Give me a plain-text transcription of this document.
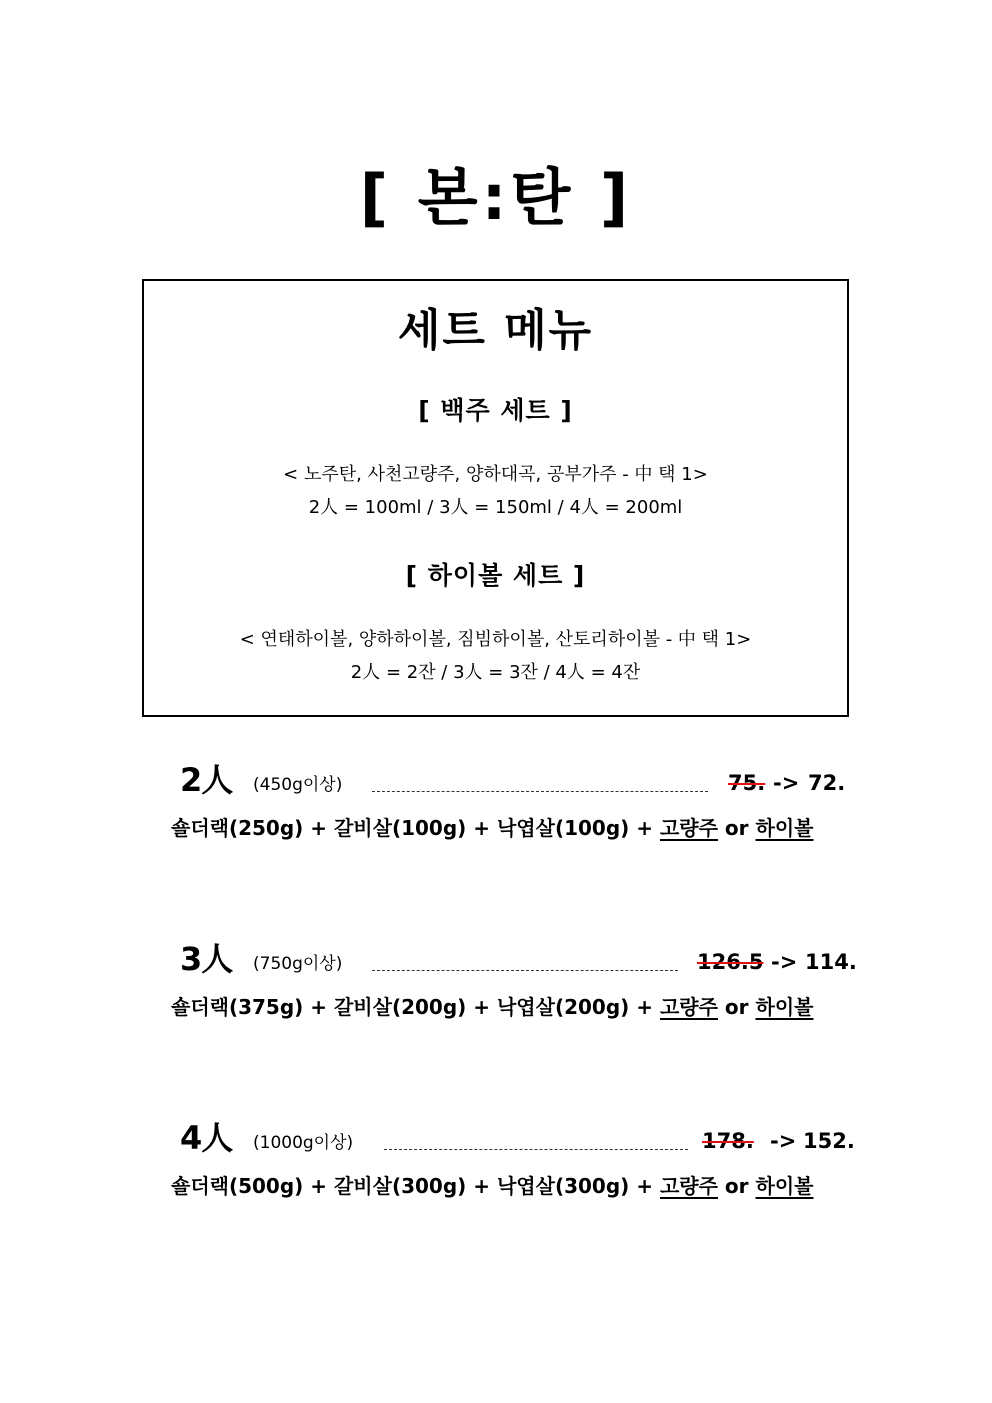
[ 본:탄 ]
세트 메뉴
[ 백주 세트 ]
< 노주탄, 사천고량주, 양하대곡, 공부가주 - 中 택 1>
2人 = 100ml / 3人 = 150ml / 4人 = 200ml
[ 하이볼 세트 ]
< 연태하이볼, 양하하이볼, 짐빔하이볼, 산토리하이볼 - 中 택 1>
2人 = 2잔 / 3人 = 3잔 / 4人 = 4잔
2人 (450g이상)	75. -> 72.
숄더랙(250g) + 갈비살(100g) + 낙엽살(100g) + 고량주 or 하이볼
3人 (750g이상)	126.5 -> 114.
숄더랙(375g) + 갈비살(200g) + 낙엽살(200g) + 고량주 or 하이볼
4人 (1000g이상)	178. -> 152.
숄더랙(500g) + 갈비살(300g) + 낙엽살(300g) + 고량주 or 하이볼
